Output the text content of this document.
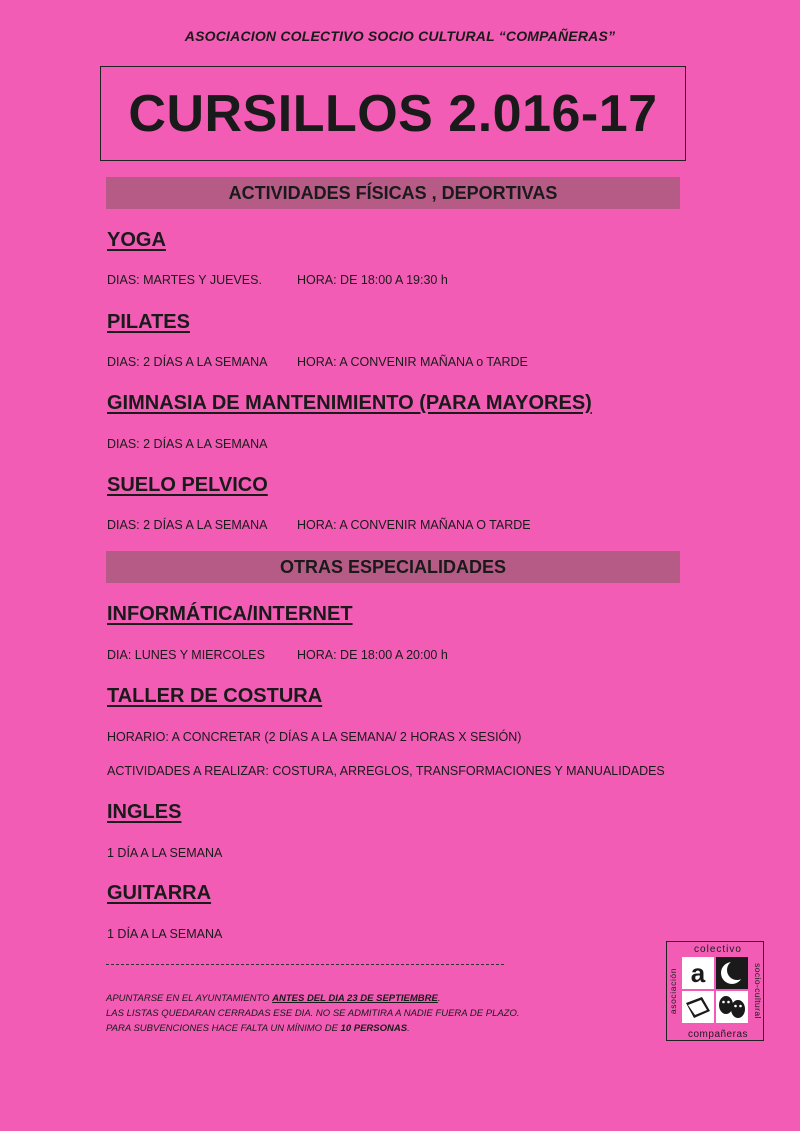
ASOCIACION COLECTIVO SOCIO CULTURAL “COMPAÑERAS”
CURSILLOS 2.016-17
ACTIVIDADES FÍSICAS , DEPORTIVAS
YOGA
DIAS: MARTES Y JUEVES.	HORA: DE 18:00 A 19:30 h
PILATES
DIAS: 2 DÍAS A LA SEMANA HORA: A CONVENIR MAÑANA o TARDE
GIMNASIA DE MANTENIMIENTO (PARA MAYORES)
DIAS: 2 DÍAS A LA SEMANA
SUELO PELVICO
DIAS: 2 DÍAS A LA SEMANA HORA: A CONVENIR MAÑANA O TARDE
OTRAS ESPECIALIDADES
INFORMÁTICA/INTERNET
DIA: LUNES Y MIERCOLES	HORA: DE 18:00 A 20:00 h
TALLER DE COSTURA
HORARIO: A CONCRETAR (2 DÍAS A LA SEMANA/ 2 HORAS X SESIÓN)
ACTIVIDADES A REALIZAR: COSTURA, ARREGLOS, TRANSFORMACIONES Y MANUALIDADES
INGLES
1 DÍA A LA SEMANA
GUITARRA
1 DÍA A LA SEMANA
APUNTARSE EN EL AYUNTAMIENTO ANTES DEL DIA 23 DE SEPTIEMBRE.
LAS LISTAS QUEDARAN CERRADAS ESE DIA. NO SE ADMITIRA A NADIE FUERA DE PLAZO.
PARA SUBVENCIONES HACE FALTA UN MÍNIMO DE 10 PERSONAS.
colectivo
compañeras
asociación	socio-cultural
a
